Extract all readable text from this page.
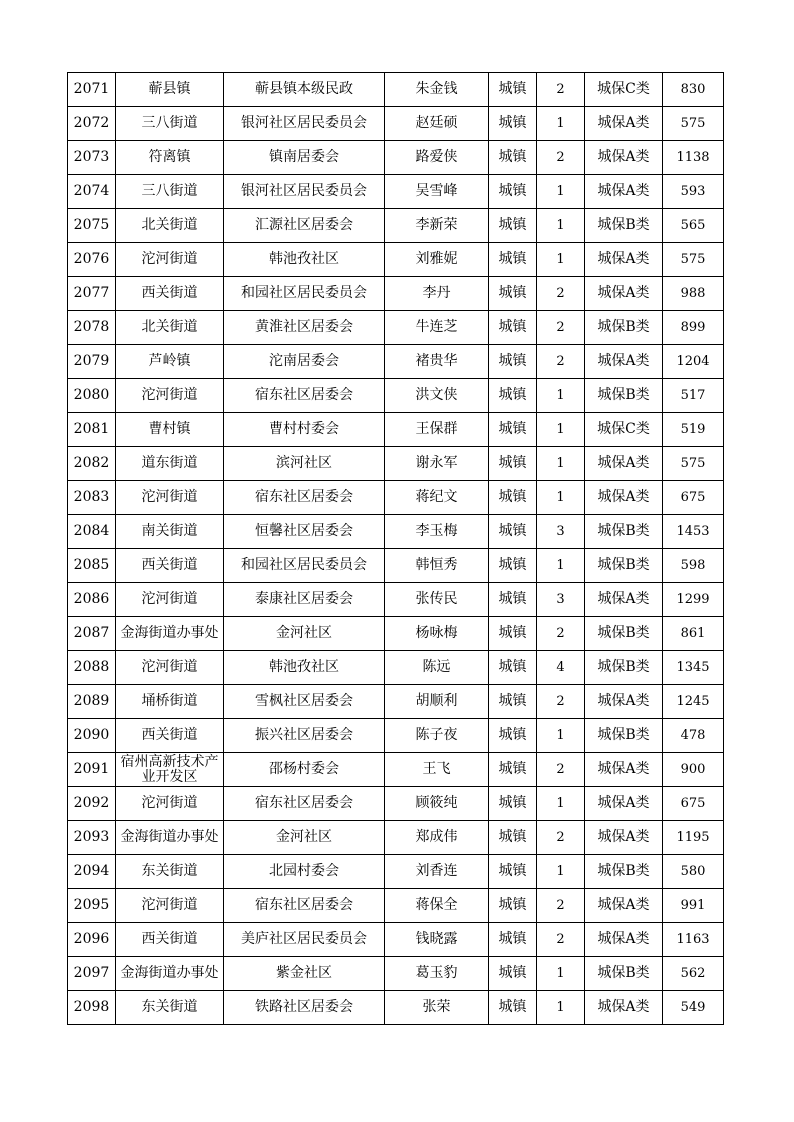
2071	蕲县镇	蕲县镇本级民政	朱金钱	城镇	2	城保C类	830
2072	三八街道	银河社区居民委员会	赵廷硕	城镇	1	城保A类	575
2073	符离镇	镇南居委会	路爱侠	城镇	2	城保A类	1138
2074	三八街道	银河社区居民委员会	吴雪峰	城镇	1	城保A类	593
2075	北关街道	汇源社区居委会	李新荣	城镇	1	城保B类	565
2076	沱河街道	韩池孜社区	刘雅妮	城镇	1	城保A类	575
2077	西关街道	和园社区居民委员会	李丹	城镇	2	城保A类	988
2078	北关街道	黄淮社区居委会	牛连芝	城镇	2	城保B类	899
2079	芦岭镇	沱南居委会	褚贵华	城镇	2	城保A类	1204
2080	沱河街道	宿东社区居委会	洪文侠	城镇	1	城保B类	517
2081	曹村镇	曹村村委会	王保群	城镇	1	城保C类	519
2082	道东街道	滨河社区	谢永军	城镇	1	城保A类	575
2083	沱河街道	宿东社区居委会	蒋纪文	城镇	1	城保A类	675
2084	南关街道	恒馨社区居委会	李玉梅	城镇	3	城保B类	1453
2085	西关街道	和园社区居民委员会	韩恒秀	城镇	1	城保B类	598
2086	沱河街道	泰康社区居委会	张传民	城镇	3	城保A类	1299
2087	金海街道办事处	金河社区	杨咏梅	城镇	2	城保B类	861
2088	沱河街道	韩池孜社区	陈远	城镇	4	城保B类	1345
2089	埇桥街道	雪枫社区居委会	胡顺利	城镇	2	城保A类	1245
2090	西关街道	振兴社区居委会	陈子夜	城镇	1	城保B类	478
2091	宿州高新技术产业开发区	邵杨村委会	王飞	城镇	2	城保A类	900
2092	沱河街道	宿东社区居委会	顾筱纯	城镇	1	城保A类	675
2093	金海街道办事处	金河社区	郑成伟	城镇	2	城保A类	1195
2094	东关街道	北园村委会	刘香连	城镇	1	城保B类	580
2095	沱河街道	宿东社区居委会	蒋保全	城镇	2	城保A类	991
2096	西关街道	美庐社区居民委员会	钱晓露	城镇	2	城保A类	1163
2097	金海街道办事处	紫金社区	葛玉豹	城镇	1	城保B类	562
2098	东关街道	铁路社区居委会	张荣	城镇	1	城保A类	549
